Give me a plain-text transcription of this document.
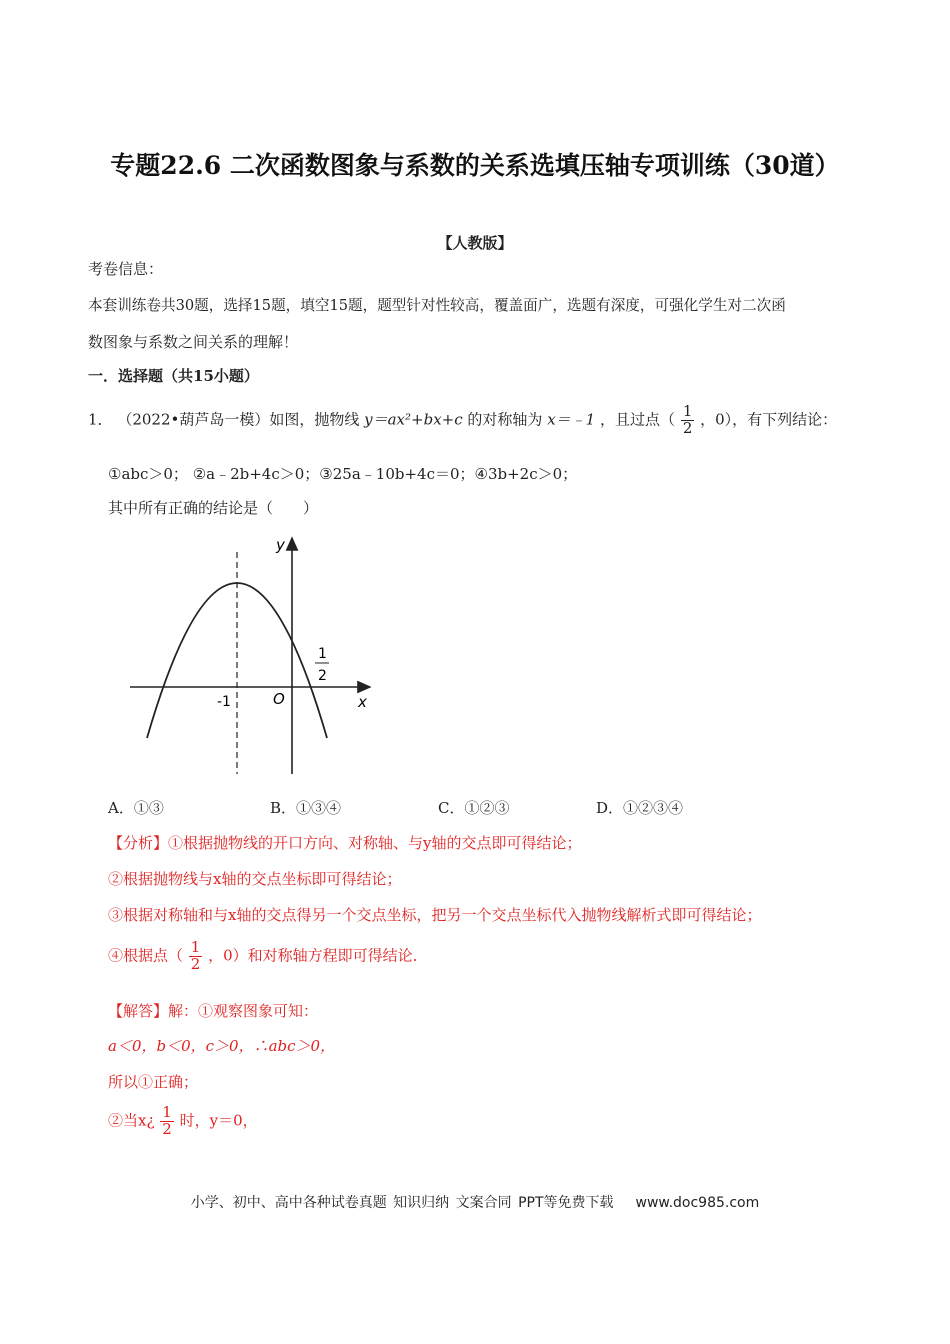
专题22.6 二次函数图象与系数的关系选填压轴专项训练（30道）
【人教版】
考卷信息：
本套训练卷共30题，选择15题，填空15题，题型针对性较高，覆盖面广，选题有深度，可强化学生对二次函
数图象与系数之间关系的理解！
一．选择题（共15小题）
1． （2022•葫芦岛一模）如图，抛物线 y＝ax²+bx+c 的对称轴为 x＝﹣1 ，且过点（ $\frac{1}{2}$ ，0），有下列结论：
①abc＞0； ②a﹣2b+4c＞0；③25a﹣10b+4c＝0；④3b+2c＞0；
其中所有正确的结论是（　　）
y
x
O
-1
1
2
A．①③	B．①③④	C．①②③	D．①②③④
【分析】①根据抛物线的开口方向、对称轴、与y轴的交点即可得结论；
②根据抛物线与x轴的交点坐标即可得结论；
③根据对称轴和与x轴的交点得另一个交点坐标，把另一个交点坐标代入抛物线解析式即可得结论；
④根据点（ $\frac{1}{2}$ ，0）和对称轴方程即可得结论．
【解答】解：①观察图象可知：
a＜0，b＜0，c＞0，∴abc＞0，
所以①正确；
②当x¿ $\frac{1}{2}$ 时，y＝0，
小学、初中、高中各种试卷真题 知识归纳 文案合同 PPT等免费下载 www.doc985.com
